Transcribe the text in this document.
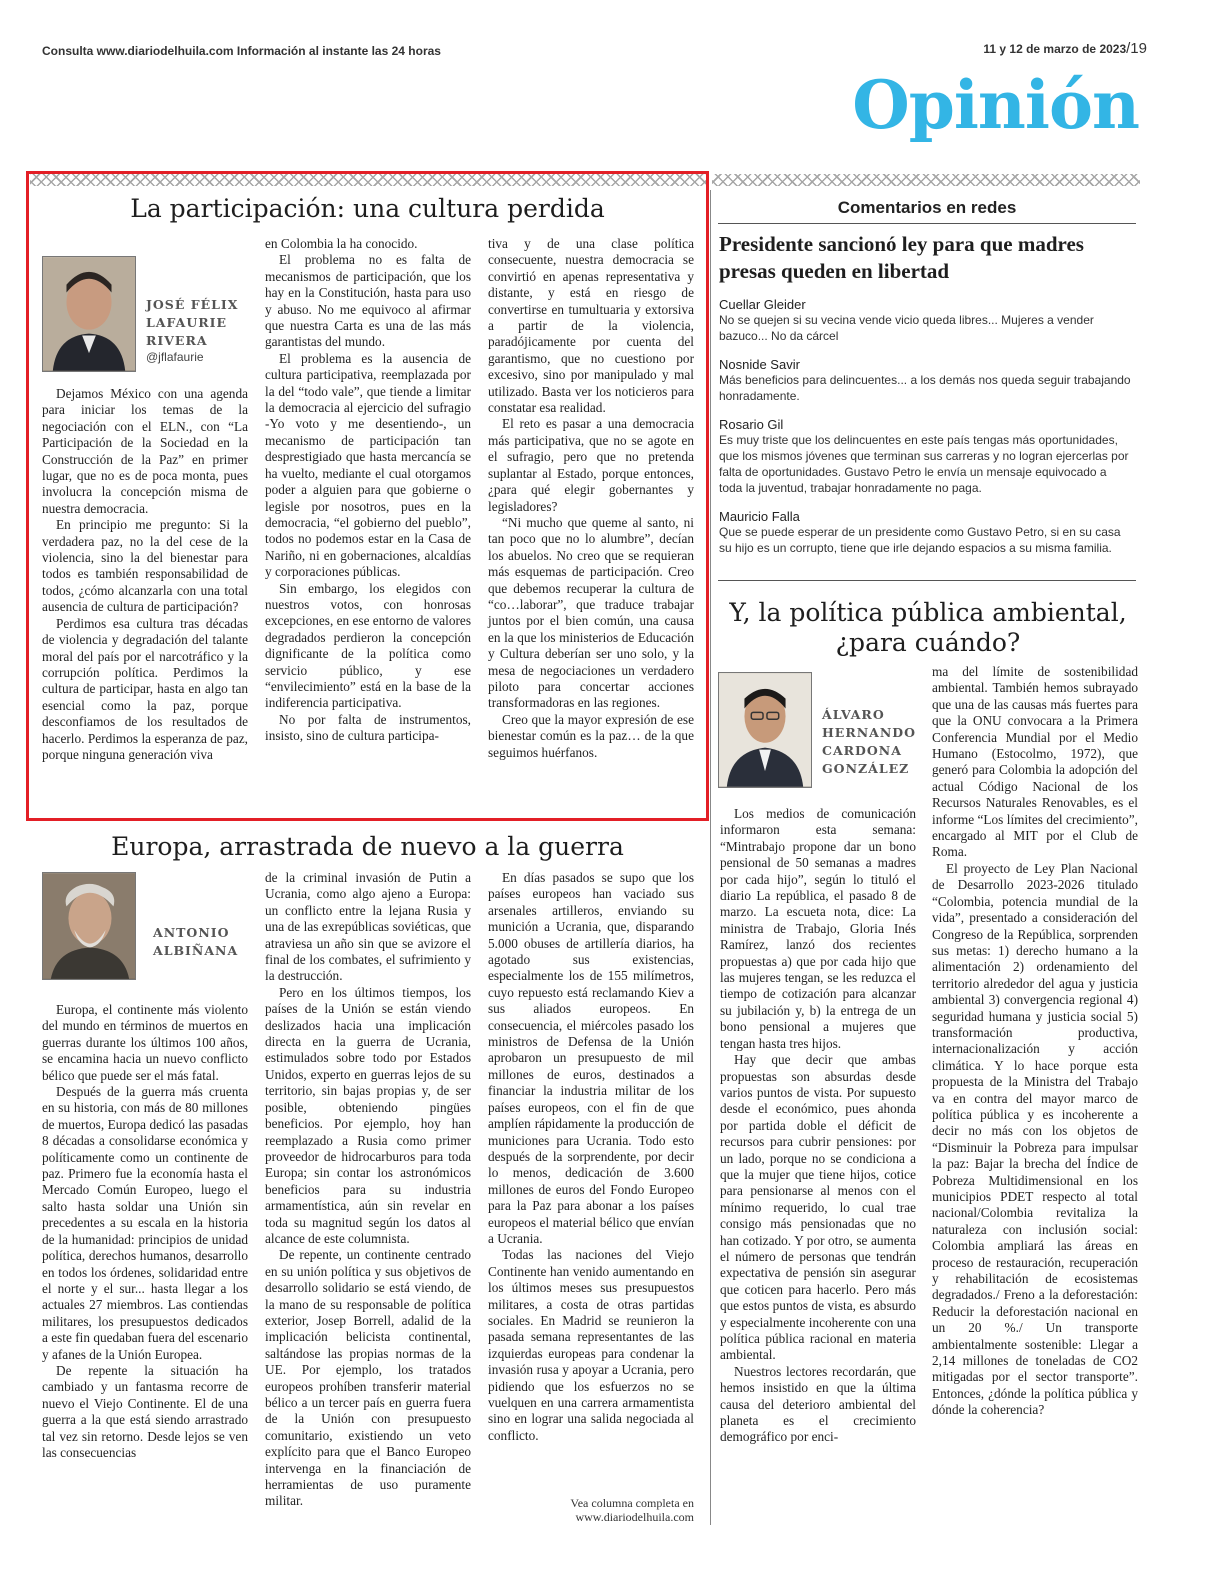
Consulta www.diariodelhuila.com Información al instante las 24 horas	11 y 12 de marzo de 2023/19
Opinión
La participación: una cultura perdida
JOSÉ FÉLIX
LAFAURIE
RIVERA
@jflafaurie

Dejamos México con una agenda para iniciar los temas de la negociación con el ELN., con “La Participación de la Sociedad en la Construcción de la Paz” en primer lugar, que no es de poca monta, pues involucra la concepción misma de nuestra democracia.

En principio me pregunto: Si la verdadera paz, no la del cese de la violencia, sino la del bienestar para todos es también responsabilidad de todos, ¿cómo alcanzarla con una total ausencia de cultura de participación?

Perdimos esa cultura tras décadas de violencia y degradación del talante moral del país por el narcotráfico y la corrupción política. Perdimos la cultura de participar, hasta en algo tan esencial como la paz, porque desconfiamos de los resultados de hacerlo. Perdimos la esperanza de paz, porque ninguna generación viva

en Colombia la ha conocido.

El problema no es falta de mecanismos de participación, que los hay en la Constitución, hasta para uso y abuso. No me equivoco al afirmar que nuestra Carta es una de las más garantistas del mundo.

El problema es la ausencia de cultura participativa, reemplazada por la del “todo vale”, que tiende a limitar la democracia al ejercicio del sufragio -Yo voto y me desentiendo-, un mecanismo de participación tan desprestigiado que hasta mercancía se ha vuelto, mediante el cual otorgamos poder a alguien para que gobierne o legisle por nosotros, pues en la democracia, “el gobierno del pueblo”, todos no podemos estar en la Casa de Nariño, ni en gobernaciones, alcaldías y corporaciones públicas.

Sin embargo, los elegidos con nuestros votos, con honrosas excepciones, en ese entorno de valores degradados perdieron la concepción dignificante de la política como servicio público, y ese “envilecimiento” está en la base de la indiferencia participativa.

No por falta de instrumentos, insisto, sino de cultura participa-

tiva y de una clase política consecuente, nuestra democracia se convirtió en apenas representativa y distante, y está en riesgo de convertirse en tumultuaria y extorsiva a partir de la violencia, paradójicamente por cuenta del garantismo, que no cuestiono por excesivo, sino por manipulado y mal utilizado. Basta ver los noticieros para constatar esa realidad.

El reto es pasar a una democracia más participativa, que no se agote en el sufragio, pero que no pretenda suplantar al Estado, porque entonces, ¿para qué elegir gobernantes y legisladores?

“Ni mucho que queme al santo, ni tan poco que no lo alumbre”, decían los abuelos. No creo que se requieran más esquemas de participación. Creo que debemos recuperar la cultura de “co…laborar”, que traduce trabajar juntos por el bien común, una causa en la que los ministerios de Educación y Cultura deberían ser uno solo, y la mesa de negociaciones un verdadero piloto para concertar acciones transformadoras en las regiones.

Creo que la mayor expresión de ese bienestar común es la paz… de la que seguimos huérfanos.

Europa, arrastrada de nuevo a la guerra
ANTONIO
ALBIÑANA

Europa, el continente más violento del mundo en términos de muertos en guerras durante los últimos 100 años, se encamina hacia un nuevo conflicto bélico que puede ser el más fatal.

Después de la guerra más cruenta en su historia, con más de 80 millones de muertos, Europa dedicó las pasadas 8 décadas a consolidarse económica y políticamente como un continente de paz. Primero fue la economía hasta el Mercado Común Europeo, luego el salto hasta soldar una Unión sin precedentes a su escala en la historia de la humanidad: principios de unidad política, derechos humanos, desarrollo en todos los órdenes, solidaridad entre el norte y el sur... hasta llegar a los actuales 27 miembros. Las contiendas militares, los presupuestos dedicados a este fin quedaban fuera del escenario y afanes de la Unión Europea.

De repente la situación ha cambiado y un fantasma recorre de nuevo el Viejo Continente. El de una guerra a la que está siendo arrastrado tal vez sin retorno. Desde lejos se ven las consecuencias

de la criminal invasión de Putin a Ucrania, como algo ajeno a Europa: un conflicto entre la lejana Rusia y una de las exrepúblicas soviéticas, que atraviesa un año sin que se avizore el final de los combates, el sufrimiento y la destrucción.

Pero en los últimos tiempos, los países de la Unión se están viendo deslizados hacia una implicación directa en la guerra de Ucrania, estimulados sobre todo por Estados Unidos, experto en guerras lejos de su territorio, sin bajas propias y, de ser posible, obteniendo pingües beneficios. Por ejemplo, hoy han reemplazado a Rusia como primer proveedor de hidrocarburos para toda Europa; sin contar los astronómicos beneficios para su industria armamentística, aún sin revelar en toda su magnitud según los datos al alcance de este columnista.

De repente, un continente centrado en su unión política y sus objetivos de desarrollo solidario se está viendo, de la mano de su responsable de política exterior, Josep Borrell, adalid de la implicación belicista continental, saltándose las propias normas de la UE. Por ejemplo, los tratados europeos prohíben transferir material bélico a un tercer país en guerra fuera de la Unión con presupuesto comunitario, existiendo un veto explícito para que el Banco Europeo intervenga en la financiación de herramientas de uso puramente militar.

En días pasados se supo que los países europeos han vaciado sus arsenales artilleros, enviando su munición a Ucrania, que, disparando 5.000 obuses de artillería diarios, ha agotado sus existencias, especialmente los de 155 milímetros, cuyo repuesto está reclamando Kiev a sus aliados europeos. En consecuencia, el miércoles pasado los ministros de Defensa de la Unión aprobaron un presupuesto de mil millones de euros, destinados a financiar la industria militar de los países europeos, con el fin de que amplíen rápidamente la producción de municiones para Ucrania. Todo esto después de la sorprendente, por decir lo menos, dedicación de 3.600 millones de euros del Fondo Europeo para la Paz para abonar a los países europeos el material bélico que envían a Ucrania.

Todas las naciones del Viejo Continente han venido aumentando en los últimos meses sus presupuestos militares, a costa de otras partidas sociales. En Madrid se reunieron la pasada semana representantes de las izquierdas europeas para condenar la invasión rusa y apoyar a Ucrania, pero pidiendo que los esfuerzos no se vuelquen en una carrera armamentista sino en lograr una salida negociada al conflicto.

Vea columna completa en
www.diariodelhuila.com
Comentarios en redes
Presidente sancionó ley para que madres presas queden en libertad
Cuellar Gleider
No se quejen si su vecina vende vicio queda libres... Mujeres a vender bazuco... No da cárcel
Nosnide Savir
Más beneficios para delincuentes... a los demás nos queda seguir trabajando honradamente.
Rosario Gil
Es muy triste que los delincuentes en este país tengas más oportunidades, que los mismos jóvenes que terminan sus carreras y no logran ejercerlas por falta de oportunidades. Gustavo Petro le envía un mensaje equivocado a toda la juventud, trabajar honradamente no paga.
Mauricio Falla
Que se puede esperar de un presidente como Gustavo Petro, si en su casa su hijo es un corrupto, tiene que irle dejando espacios a su misma familia.
Y, la política pública ambiental,
¿para cuándo?
ÁLVARO
HERNANDO
CARDONA
GONZÁLEZ

Los medios de comunicación informaron esta semana: “Mintrabajo propone dar un bono pensional de 50 semanas a madres por cada hijo”, según lo tituló el diario La república, el pasado 8 de marzo. La escueta nota, dice: La ministra de Trabajo, Gloria Inés Ramírez, lanzó dos recientes propuestas a) que por cada hijo que las mujeres tengan, se les reduzca el tiempo de cotización para alcanzar su jubilación y, b) la entrega de un bono pensional a mujeres que tengan hasta tres hijos.

Hay que decir que ambas propuestas son absurdas desde varios puntos de vista. Por supuesto desde el económico, pues ahonda por partida doble el déficit de recursos para cubrir pensiones: por un lado, porque no se condiciona a que la mujer que tiene hijos, cotice para pensionarse al menos con el mínimo requerido, lo cual trae consigo más pensionadas que no han cotizado. Y por otro, se aumenta el número de personas que tendrán expectativa de pensión sin asegurar que coticen para hacerlo. Pero más que estos puntos de vista, es absurdo y especialmente incoherente con una política pública racional en materia ambiental.

Nuestros lectores recordarán, que hemos insistido en que la última causa del deterioro ambiental del planeta es el crecimiento demográfico por enci-

ma del límite de sostenibilidad ambiental. También hemos subrayado que una de las causas más fuertes para que la ONU convocara a la Primera Conferencia Mundial por el Medio Humano (Estocolmo, 1972), que generó para Colombia la adopción del actual Código Nacional de los Recursos Naturales Renovables, es el informe “Los límites del crecimiento”, encargado al MIT por el Club de Roma.

El proyecto de Ley Plan Nacional de Desarrollo 2023-2026 titulado “Colombia, potencia mundial de la vida”, presentado a consideración del Congreso de la República, sorprenden sus metas: 1) derecho humano a la alimentación 2) ordenamiento del territorio alrededor del agua y justicia ambiental 3) convergencia regional 4) seguridad humana y justicia social 5) transformación productiva, internacionalización y acción climática. Y lo hace porque esta propuesta de la Ministra del Trabajo va en contra del mayor marco de política pública y es incoherente a decir no más con los objetos de “Disminuir la Pobreza para impulsar la paz: Bajar la brecha del Índice de Pobreza Multidimensional en los municipios PDET respecto al total nacional/Colombia revitaliza la naturaleza con inclusión social: Colombia ampliará las áreas en proceso de restauración, recuperación y rehabilitación de ecosistemas degradados./ Freno a la deforestación: Reducir la deforestación nacional en un 20 %./ Un transporte ambientalmente sostenible: Llegar a 2,14 millones de toneladas de CO2 mitigadas por el sector transporte”. Entonces, ¿dónde la política pública y dónde la coherencia?
